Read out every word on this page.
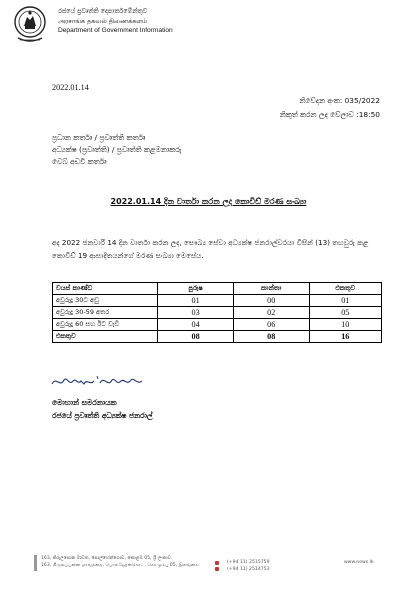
රජයේ ප්‍රවෘත්ති දෙපාර්තමේන්තුව
அரசாங்க தகவல் திணைக்களம்
Department of Government Information
2022.01.14
නිවේදන අංක: 035/2022
නිකුත් කරන ලද වේලාව :18:50
ප්‍රධාන කර්තෘ / ප්‍රවෘත්ති කර්තෘ
අධ්‍යක්ෂ (ප්‍රවෘත්ති) / ප්‍රවෘත්ති කළමනාකරු
වෙබ් අඩවි කර්තෘ
2022.01.14 දින වාර්තා කරන ලද කොවිඩ් මරණ සංඛ්‍යා
අද 2022 ජනවාරි 14 දින වාර්තා කරන ලද, සෞඛ්‍ය සේවා අධ්‍යක්ෂ ජනරාල්වරයා විසින් (13) තහවුරු කළ කොවිඩ් 19 ආසාදිතයන්ගේ මරණ සංඛ්‍යා මෙසේය.
වයස් කාණ්ඩ	පුරුෂ	කාන්තා	එකතුව
අවුරුදු 30ට අඩු	01	00	01
අවුරුදු 30-59 අතර	03	02	05
අවුරුදු 60 සහ ඊට වැඩි	04	06	10
එකතුව	08	08	16
මොහාන් සමරනායක
රජයේ ප්‍රවෘත්ති අධ්‍යක්ෂ ජනරාල්
163, කිරුලපොන මාවත, පොල්හේන්ගොඩ, කොළඹ 05, ශ්‍රී ලංකාව.
163, கிருலப்பனை மாவத்தை, பொல்ஹேன்கொட, கொழும்பு 05, இலங்கை.
(+94 11) 2515759
(+94 11) 2514753
www.news.lk
